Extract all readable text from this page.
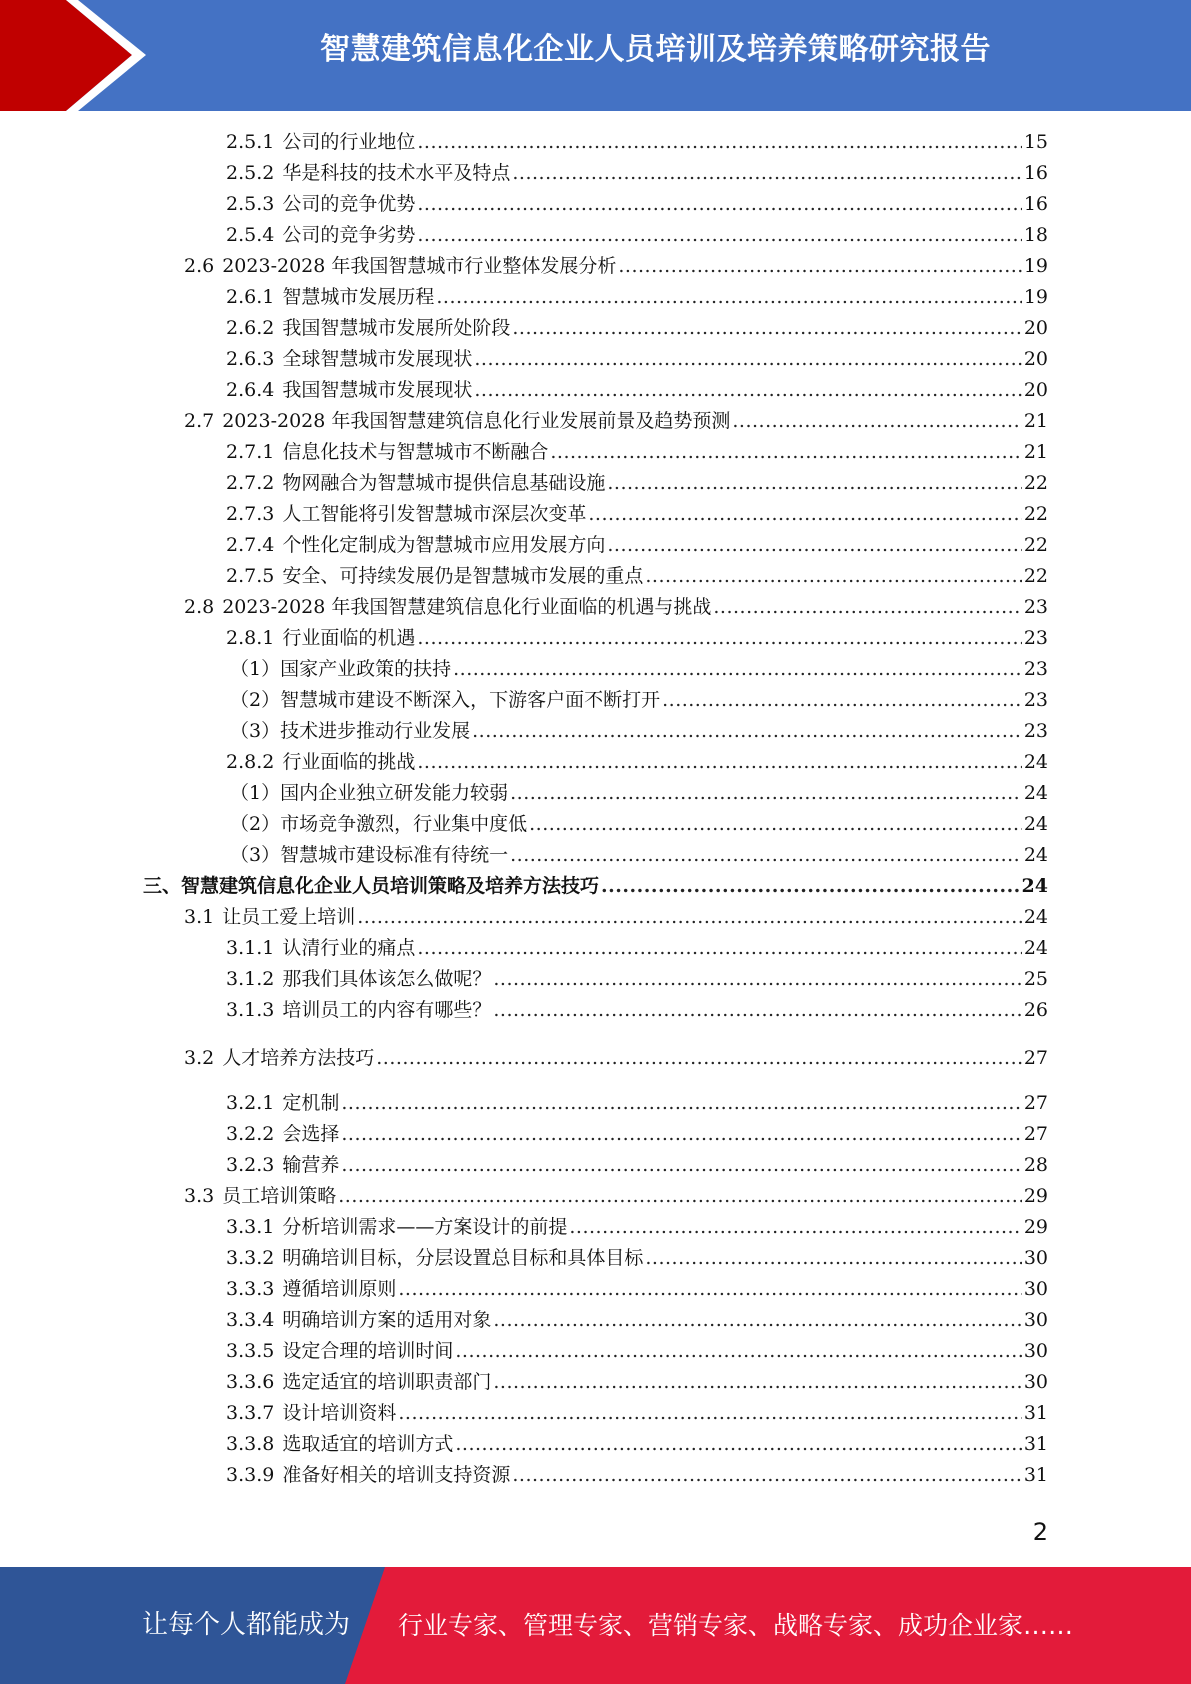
智慧建筑信息化企业人员培训及培养策略研究报告
2.5.1 公司的行业地位 .....	15
2.5.2 华是科技的技术水平及特点 .....	16
2.5.3 公司的竞争优势 .....	16
2.5.4 公司的竞争劣势 .....	18
2.6 2023-2028 年我国智慧城市行业整体发展分析 .....	19
2.6.1 智慧城市发展历程 .....	19
2.6.2 我国智慧城市发展所处阶段 .....	20
2.6.3 全球智慧城市发展现状 .....	20
2.6.4 我国智慧城市发展现状 .....	20
2.7 2023-2028 年我国智慧建筑信息化行业发展前景及趋势预测 .....	21
2.7.1 信息化技术与智慧城市不断融合 .....	21
2.7.2 物网融合为智慧城市提供信息基础设施 .....	22
2.7.3 人工智能将引发智慧城市深层次变革 .....	22
2.7.4 个性化定制成为智慧城市应用发展方向 .....	22
2.7.5 安全、可持续发展仍是智慧城市发展的重点 .....	22
2.8 2023-2028 年我国智慧建筑信息化行业面临的机遇与挑战 .....	23
2.8.1 行业面临的机遇 .....	23
（1） 国家产业政策的扶持 .....	23
（2） 智慧城市建设不断深入，下游客户面不断打开 .....	23
（3） 技术进步推动行业发展 .....	23
2.8.2 行业面临的挑战 .....	24
（1） 国内企业独立研发能力较弱 .....	24
（2） 市场竞争激烈，行业集中度低 .....	24
（3） 智慧城市建设标准有待统一 .....	24
三、 智慧建筑信息化企业人员培训策略及培养方法技巧 .....	24
3.1 让员工爱上培训 .....	24
3.1.1 认清行业的痛点 .....	24
3.1.2 那我们具体该怎么做呢？ .....	25
3.1.3 培训员工的内容有哪些？ .....	26
3.2 人才培养方法技巧 .....	27
3.2.1 定机制 .....	27
3.2.2 会选择 .....	27
3.2.3 输营养 .....	28
3.3 员工培训策略 .....	29
3.3.1 分析培训需求——方案设计的前提 .....	29
3.3.2 明确培训目标，分层设置总目标和具体目标 .....	30
3.3.3 遵循培训原则 .....	30
3.3.4 明确培训方案的适用对象 .....	30
3.3.5 设定合理的培训时间 .....	30
3.3.6 选定适宜的培训职责部门 .....	30
3.3.7 设计培训资料 .....	31
3.3.8 选取适宜的培训方式 .....	31
3.3.9 准备好相关的培训支持资源 .....	31
2
让每个人都能成为 行业专家、管理专家、营销专家、战略专家、成功企业家……
